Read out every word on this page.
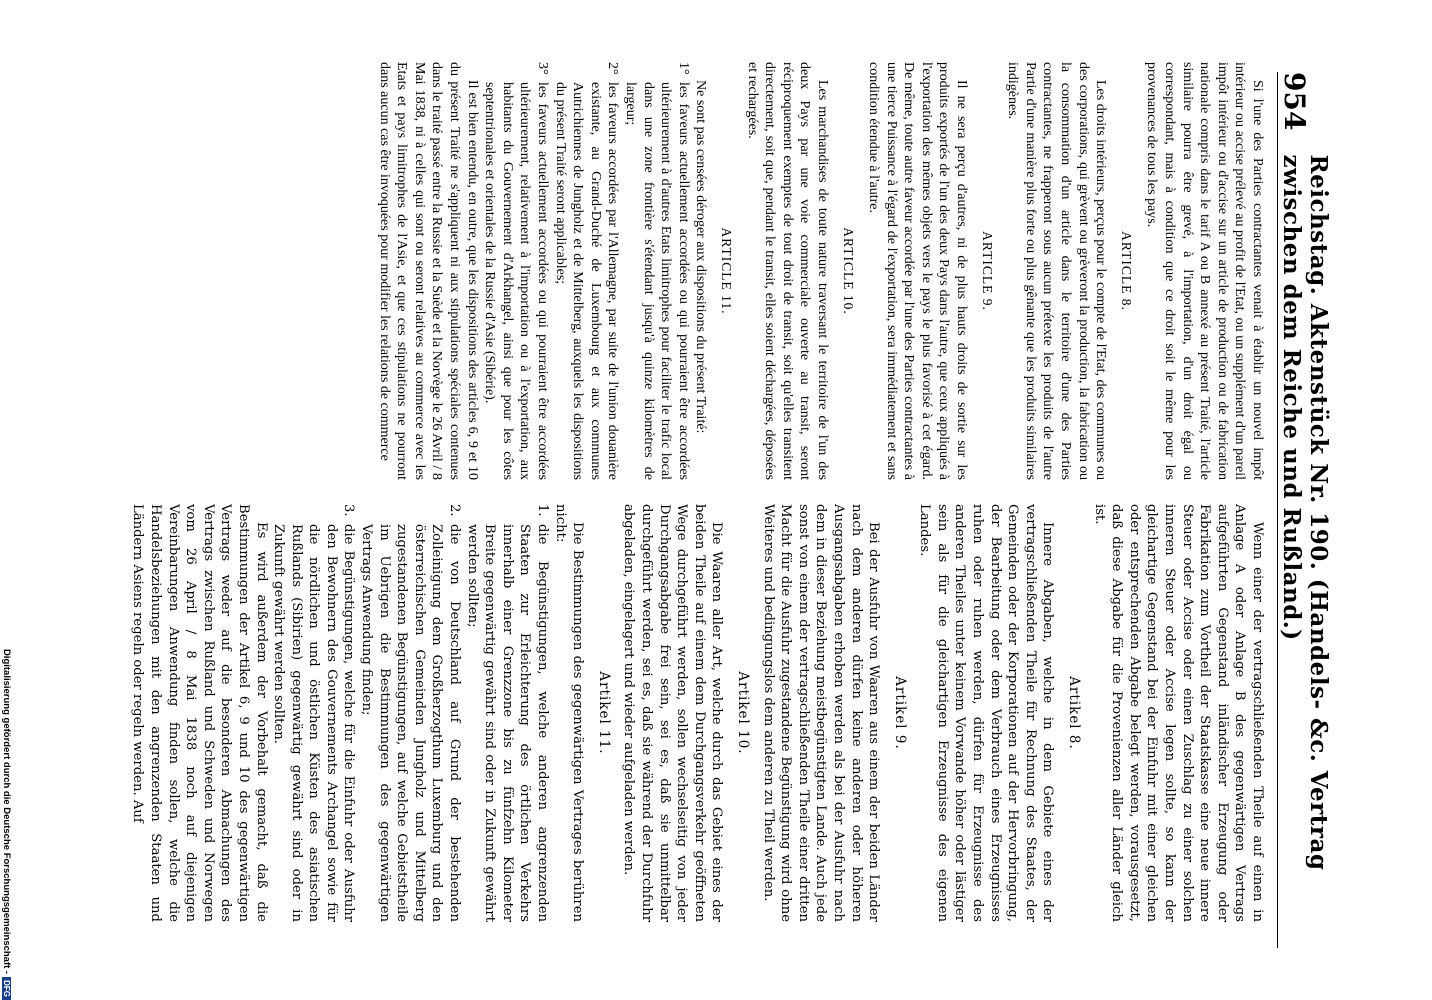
954
Reichstag. Aktenstück Nr. 190. (Handels- &c. Vertrag zwischen dem Reiche und Rußland.)

Si l'une des Parties contractantes venait à établir un nouvel impôt intérieur ou accise prélevé au profit de l'Etat, ou un supplément d'un pareil impôt intérieur ou d'accise sur un article de production ou de fabrication nationale compris dans le tarif A ou B annexé au présent Traité, l'article similaire pourra être grevé, à l'importation, d'un droit égal ou correspondant, mais à condition que ce droit soit le même pour les provenances de tous les pays.

ARTICLE 8.

Les droits intérieurs, perçus pour le compte de l'Etat, des communes ou des corporations, qui grèvent ou grèveront la production, la fabrication ou la consommation d'un article dans le territoire d'une des Parties contractantes, ne frapperont sous aucun prétexte les produits de l'autre Partie d'une manière plus forte ou plus gênante que les produits similaires indigènes.

ARTICLE 9.

Il ne sera perçu d'autres, ni de plus hauts droits de sortie sur les produits exportés de l'un des deux Pays dans l'autre, que ceux appliqués à l'exportation des mêmes objets vers le pays le plus favorisé à cet égard. De même, toute autre faveur accordée par l'une des Parties contractantes à une tierce Puissance à l'égard de l'exportation, sera immédiatement et sans condition étendue à l'autre.

ARTICLE 10.

Les marchandises de toute nature traversant le territoire de l'un des deux Pays par une voie commerciale ouverte au transit, seront réciproquement exemptes de tout droit de transit, soit qu'elles transitent directement, soit que, pendant le transit, elles soient déchargées, déposées et rechargées.

ARTICLE 11.

Ne sont pas censées déroger aux dispositions du présent Traité:

1°
les faveurs actuellement accordées ou qui pourraient être accordées ultérieurement à d'autres Etats limitrophes pour faciliter le trafic local dans une zone frontière s'étendant jusqu'à quinze kilomètres de largeur;

2°
les faveurs accordées par l'Allemagne, par suite de l'union douanière existante, au Grand-Duché de Luxembourg et aux communes Autrichiennes de Jungholz et de Mittelberg, auxquels les dispositions du présent Traité seront applicables;

3°
les faveurs actuellement accordées ou qui pourraient être accordées ultérieurement, relativement à l'importation ou à l'exportation, aux habitants du Gouvernement d'Arkhangel, ainsi que pour les côtes septentrionales et orientales de la Russie d'Asie (Sibérie).

Il est bien entendu, en outre, que les dispositions des articles 6, 9 et 10 du présent Traité ne s'appliquent ni aux stipulations spéciales contenues dans le traité passé entre la Russie et la Suède et la Norvège le 26 Avril / 8 Mai 1838, ni à celles qui sont ou seront relatives au commerce avec les Etats et pays limitrophes de l'Asie, et que ces stipulations ne pourront dans aucun cas être invoquées pour modifier les relations de commerce

Wenn einer der vertragschließenden Theile auf einen in Anlage A oder Anlage B des gegenwärtigen Vertrags aufgeführten Gegenstand inländischer Erzeugung oder Fabrikation zum Vortheil der Staatskasse eine neue innere Steuer oder Accise oder einen Zuschlag zu einer solchen inneren Steuer oder Accise legen sollte, so kann der gleichartige Gegenstand bei der Einfuhr mit einer gleichen oder entsprechenden Abgabe belegt werden, vorausgesetzt, daß diese Abgabe für die Provenienzen aller Länder gleich ist.

Artikel 8.

Innere Abgaben, welche in dem Gebiete eines der vertragschließenden Theile für Rechnung des Staates, der Gemeinden oder der Korporationen auf der Hervorbringung, der Bearbeitung oder dem Verbrauch eines Erzeugnisses ruhen oder ruhen werden, dürfen für Erzeugnisse des anderen Theiles unter keinem Vorwande höher oder lästiger sein als für die gleichartigen Erzeugnisse des eigenen Landes.

Artikel 9.

Bei der Ausfuhr von Waaren aus einem der beiden Länder nach dem anderen dürfen keine anderen oder höheren Ausgangsabgaben erhoben werden als bei der Ausfuhr nach dem in dieser Beziehung meistbegünstigten Lande. Auch jede sonst von einem der vertragschließenden Theile einer dritten Macht für die Ausfuhr zugestandene Begünstigung wird ohne Weiteres und bedingungslos dem anderen zu Theil werden.

Artikel 10.

Die Waaren aller Art, welche durch das Gebiet eines der beiden Theile auf einem dem Durchgangsverkehr geöffneten Wege durchgeführt werden, sollen wechselseitig von jeder Durchgangsabgabe frei sein, sei es, daß sie unmittelbar durchgeführt werden, sei es, daß sie während der Durchfuhr abgeladen, eingelagert und wieder aufgeladen werden.

Artikel 11.

Die Bestimmungen des gegenwärtigen Vertrages berühren nicht:

1.
die Begünstigungen, welche anderen angrenzenden Staaten zur Erleichterung des örtlichen Verkehrs innerhalb einer Grenzzone bis zu fünfzehn Kilometer Breite gegenwärtig gewährt sind oder in Zukunft gewährt werden sollten;

2.
die von Deutschland auf Grund der bestehenden Zolleinigung dem Großherzogthum Luxemburg und den österreichischen Gemeinden Jungholz und Mittelberg zugestandenen Begünstigungen, auf welche Gebietstheile im Uebrigen die Bestimmungen des gegenwärtigen Vertrags Anwendung finden;

3.
die Begünstigungen, welche für die Einfuhr oder Ausfuhr den Bewohnern des Gouvernements Archangel sowie für die nördlichen und östlichen Küsten des asiatischen Rußlands (Sibirien) gegenwärtig gewährt sind oder in Zukunft gewährt werden sollten.

Es wird außerdem der Vorbehalt gemacht, daß die Bestimmungen der Artikel 6, 9 und 10 des gegenwärtigen Vertrags weder auf die besonderen Abmachungen des Vertrags zwischen Rußland und Schweden und Norwegen vom 26 April / 8 Mai 1838 noch auf diejenigen Vereinbarungen Anwendung finden sollen, welche die Handelsbeziehungen mit den angrenzenden Staaten und Ländern Asiens regeln oder regeln werden. Auf

Digitalisierung gefördert durch die Deutsche Forschungsgemeinschaft -DFG
